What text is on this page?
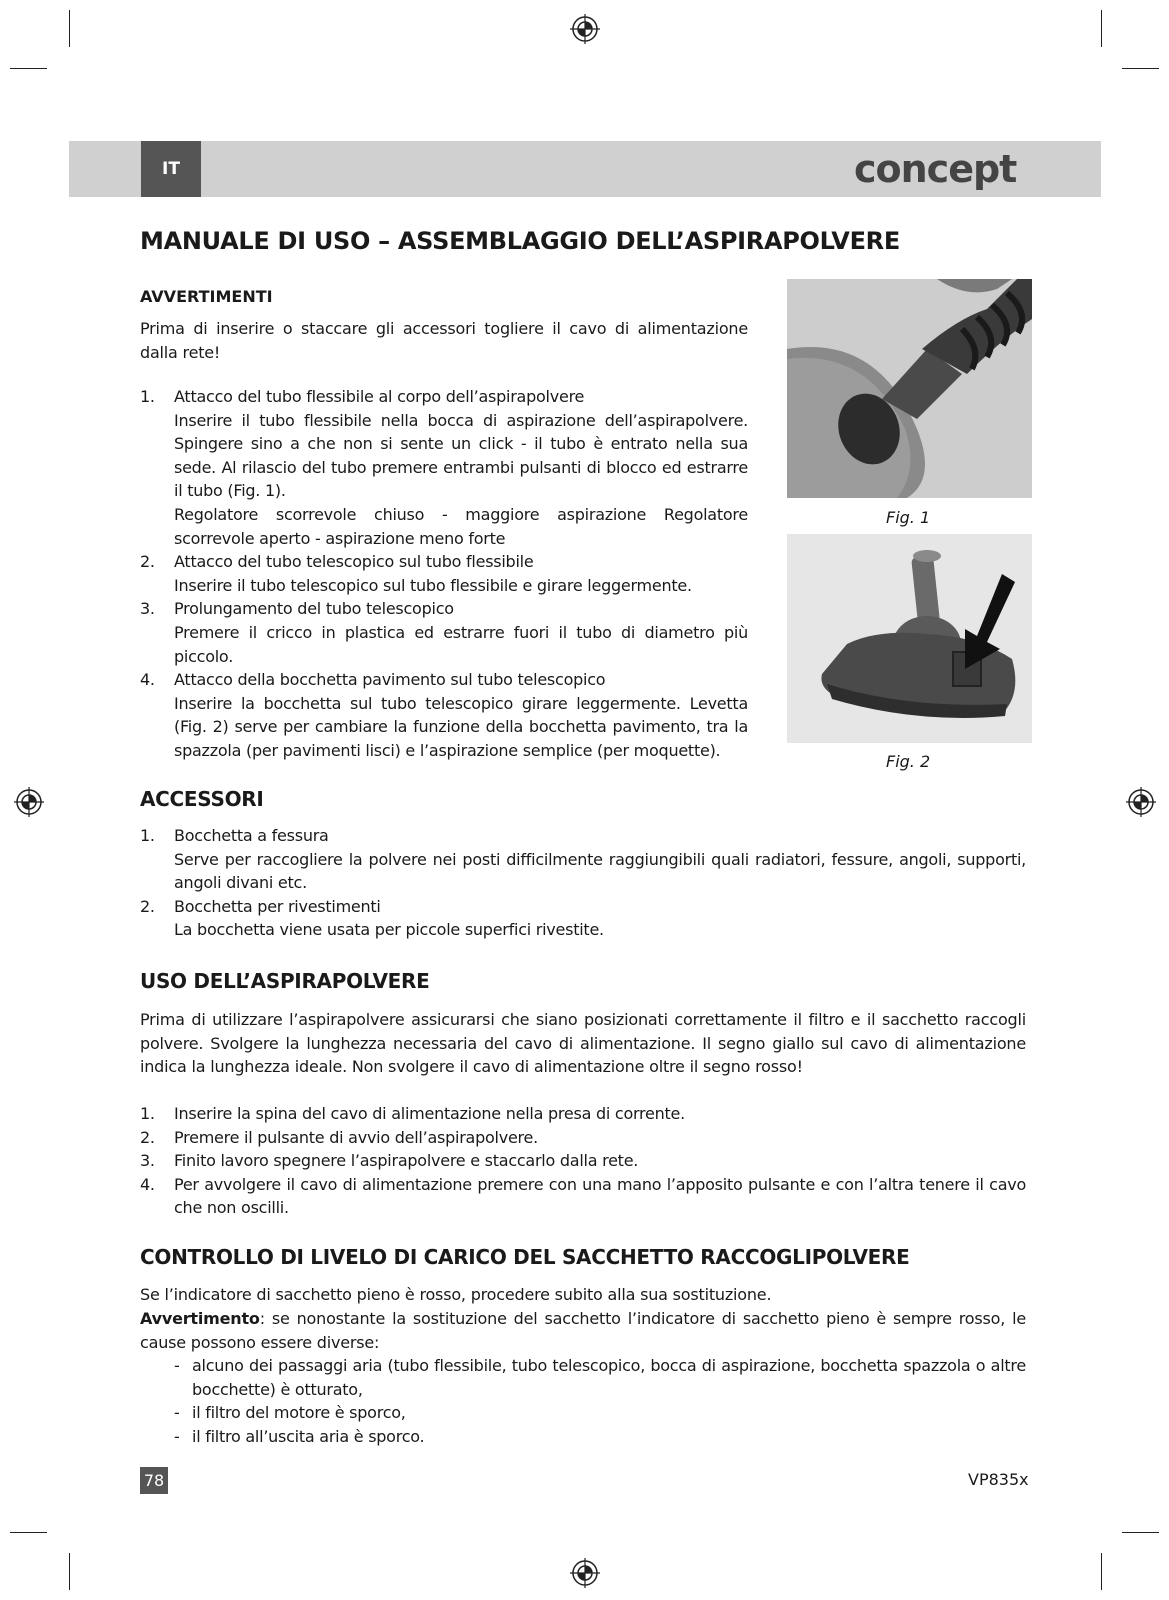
IT	concept
MANUALE DI USO – ASSEMBLAGGIO DELL’ASPIRAPOLVERE
AVVERTIMENTI

Prima di inserire o staccare gli accessori togliere il cavo di alimentazione dalla rete!

1. Attacco del tubo flessibile al corpo dell’aspirapolvere
Inserire il tubo flessibile nella bocca di aspirazione dell’aspirapolvere. Spingere sino a che non si sente un click - il tubo è entrato nella sua sede. Al rilascio del tubo premere entrambi pulsanti di blocco ed estrarre il tubo (Fig. 1).
Regolatore scorrevole chiuso - maggiore aspirazione Regolatore scorrevole aperto - aspirazione meno forte
2. Attacco del tubo telescopico sul tubo flessibile
Inserire il tubo telescopico sul tubo flessibile e girare leggermente.
3. Prolungamento del tubo telescopico
Premere il cricco in plastica ed estrarre fuori il tubo di diametro più piccolo.
4. Attacco della bocchetta pavimento sul tubo telescopico
Inserire la bocchetta sul tubo telescopico girare leggermente. Levetta (Fig. 2) serve per cambiare la funzione della bocchetta pavimento, tra la spazzola (per pavimenti lisci) e l’aspirazione semplice (per moquette).
Fig. 1
Fig. 2
ACCESSORI
1. Bocchetta a fessura
Serve per raccogliere la polvere nei posti difficilmente raggiungibili quali radiatori, fessure, angoli, supporti, angoli divani etc.
2. Bocchetta per rivestimenti
La bocchetta viene usata per piccole superfici rivestite.
USO DELL’ASPIRAPOLVERE

Prima di utilizzare l’aspirapolvere assicurarsi che siano posizionati correttamente il filtro e il sacchetto raccogli polvere. Svolgere la lunghezza necessaria del cavo di alimentazione. Il segno giallo sul cavo di alimentazione indica la lunghezza ideale. Non svolgere il cavo di alimentazione oltre il segno rosso!

1. Inserire la spina del cavo di alimentazione nella presa di corrente.
2. Premere il pulsante di avvio dell’aspirapolvere.
3. Finito lavoro spegnere l’aspirapolvere e staccarlo dalla rete.
4. Per avvolgere il cavo di alimentazione premere con una mano l’apposito pulsante e con l’altra tenere il cavo che non oscilli.
CONTROLLO DI LIVELO DI CARICO DEL SACCHETTO RACCOGLIPOLVERE

Se l’indicatore di sacchetto pieno è rosso, procedere subito alla sua sostituzione.

Avvertimento: se nonostante la sostituzione del sacchetto l’indicatore di sacchetto pieno è sempre rosso, le cause possono essere diverse:

- alcuno dei passaggi aria (tubo flessibile, tubo telescopico, bocca di aspirazione, bocchetta spazzola o altre bocchette) è otturato,
- il filtro del motore è sporco,
- il filtro all’uscita aria è sporco.
78	VP835x
